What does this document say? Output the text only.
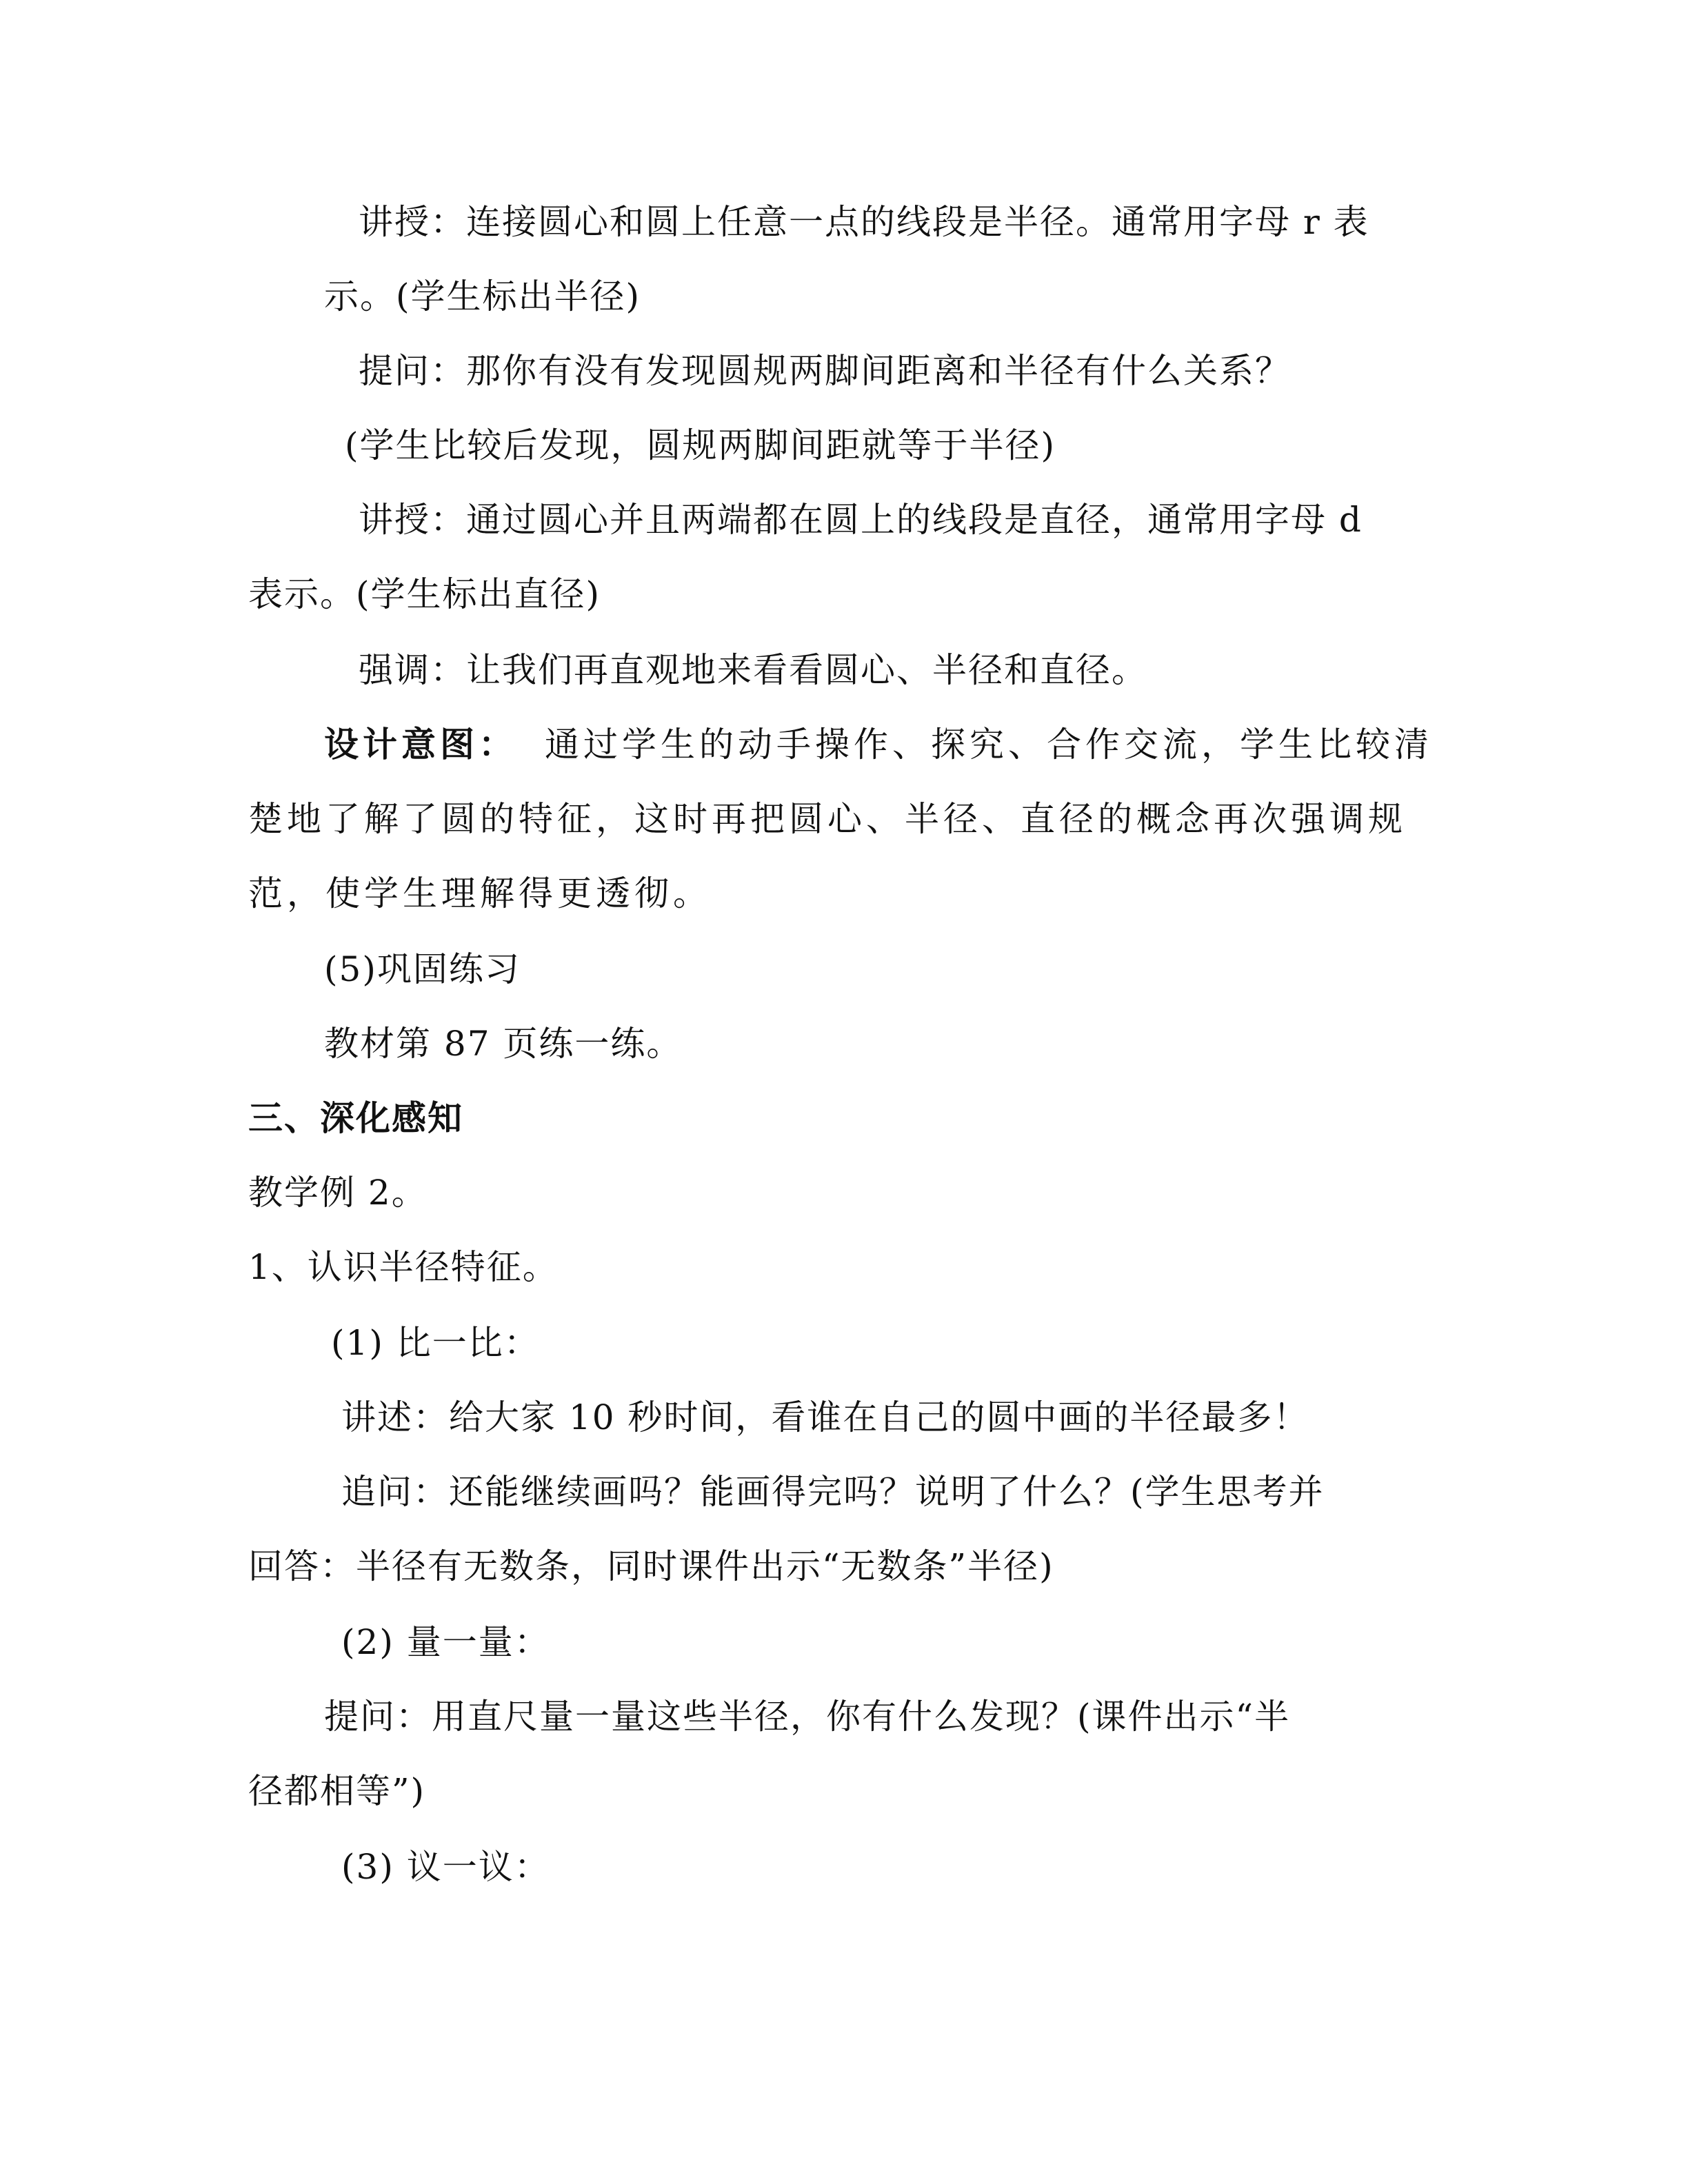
讲授：连接圆心和圆上任意一点的线段是半径。通常用字母 r 表
示。(学生标出半径)
提问：那你有没有发现圆规两脚间距离和半径有什么关系？
(学生比较后发现，圆规两脚间距就等于半径)
讲授：通过圆心并且两端都在圆上的线段是直径，通常用字母 d
表示。(学生标出直径)
强调：让我们再直观地来看看圆心、半径和直径。
设计意图： 通过学生的动手操作、探究、合作交流，学生比较清
楚地了解了圆的特征，这时再把圆心、半径、直径的概念再次强调规
范，使学生理解得更透彻。
(5)巩固练习
教材第 87 页练一练。
三、深化感知
教学例 2。
1、认识半径特征。
(1) 比一比：
讲述：给大家 10 秒时间，看谁在自己的圆中画的半径最多！
追问：还能继续画吗？能画得完吗？说明了什么？(学生思考并
回答：半径有无数条，同时课件出示“无数条”半径)
(2) 量一量：
提问：用直尺量一量这些半径，你有什么发现？(课件出示“半
径都相等”)
(3) 议一议：
